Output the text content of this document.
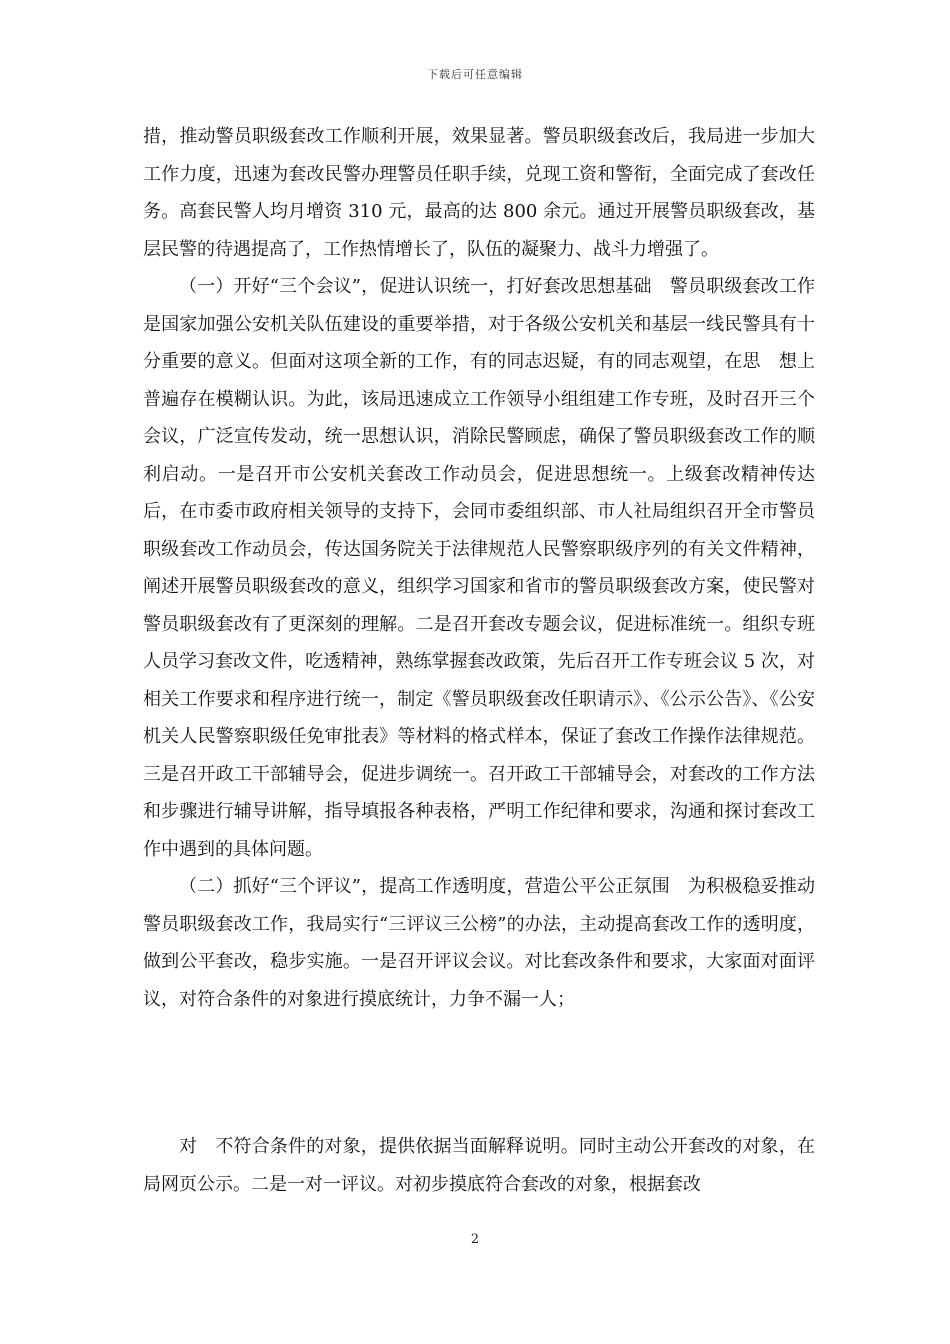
下载后可任意编辑

措，推动警员职级套改工作顺利开展，效果显著。警员职级套改后，我局进一步加大工作力度，迅速为套改民警办理警员任职手续，兑现工资和警衔，全面完成了套改任务。高套民警人均月增资 310 元，最高的达 800 余元。通过开展警员职级套改，基层民警的待遇提高了，工作热情增长了，队伍的凝聚力、战斗力增强了。

（一）开好“三个会议”，促进认识统一，打好套改思想基础　警员职级套改工作是国家加强公安机关队伍建设的重要举措，对于各级公安机关和基层一线民警具有十分重要的意义。但面对这项全新的工作，有的同志迟疑，有的同志观望，在思　想上普遍存在模糊认识。为此，该局迅速成立工作领导小组组建工作专班，及时召开三个会议，广泛宣传发动，统一思想认识，消除民警顾虑，确保了警员职级套改工作的顺利启动。一是召开市公安机关套改工作动员会，促进思想统一。上级套改精神传达后，在市委市政府相关领导的支持下，会同市委组织部、市人社局组织召开全市警员职级套改工作动员会，传达国务院关于法律规范人民警察职级序列的有关文件精神，阐述开展警员职级套改的意义，组织学习国家和省市的警员职级套改方案，使民警对警员职级套改有了更深刻的理解。二是召开套改专题会议，促进标准统一。组织专班人员学习套改文件，吃透精神，熟练掌握套改政策，先后召开工作专班会议 5 次，对相关工作要求和程序进行统一，制定《警员职级套改任职请示》、《公示公告》、《公安机关人民警察职级任免审批表》等材料的格式样本，保证了套改工作操作法律规范。三是召开政工干部辅导会，促进步调统一。召开政工干部辅导会，对套改的工作方法和步骤进行辅导讲解，指导填报各种表格，严明工作纪律和要求，沟通和探讨套改工作中遇到的具体问题。

（二）抓好“三个评议”，提高工作透明度，营造公平公正氛围　为积极稳妥推动警员职级套改工作，我局实行“三评议三公榜”的办法，主动提高套改工作的透明度，做到公平套改，稳步实施。一是召开评议会议。对比套改条件和要求，大家面对面评议，对符合条件的对象进行摸底统计，力争不漏一人；

对　不符合条件的对象，提供依据当面解释说明。同时主动公开套改的对象，在局网页公示。二是一对一评议。对初步摸底符合套改的对象，根据套改

2
